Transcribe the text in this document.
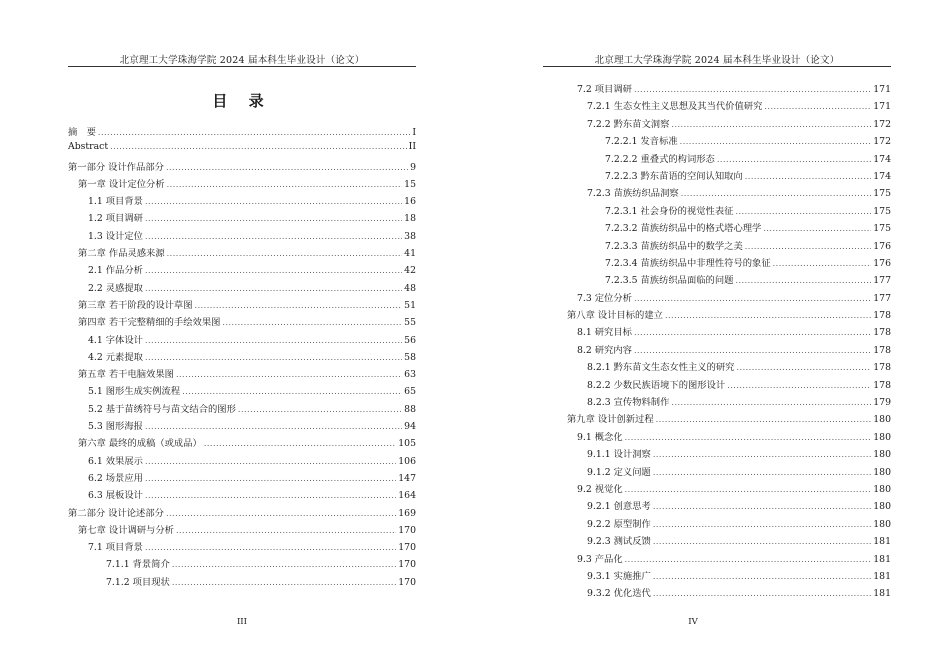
北京理工大学珠海学院 2024 届本科生毕业设计（论文）
目 录
摘　要 .....	I
Abstract .....	II
第一部分 设计作品部分 .....	9
第一章 设计定位分析 .....	15
1.1 项目背景 .....	16
1.2 项目调研 .....	18
1.3 设计定位 .....	38
第二章 作品灵感来源 .....	41
2.1 作品分析 .....	42
2.2 灵感提取 .....	48
第三章 若干阶段的设计草图 .....	51
第四章 若干完整精细的手绘效果图 .....	55
4.1 字体设计 .....	56
4.2 元素提取 .....	58
第五章 若干电脑效果图 .....	63
5.1 图形生成实例流程 .....	65
5.2 基于苗绣符号与苗文结合的图形 .....	88
5.3 图形海报 .....	94
第六章 最终的成稿（或成品） .....	105
6.1 效果展示 .....	106
6.2 场景应用 .....	147
6.3 展板设计 .....	164
第二部分 设计论述部分 .....	169
第七章 设计调研与分析 .....	170
7.1 项目背景 .....	170
7.1.1 背景简介 .....	170
7.1.2 项目现状 .....	170
III
北京理工大学珠海学院 2024 届本科生毕业设计（论文）
7.2 项目调研 .....	171
7.2.1 生态女性主义思想及其当代价值研究 .....	171
7.2.2 黔东苗文洞察 .....	172
7.2.2.1 发音标准 .....	172
7.2.2.2 重叠式的构词形态 .....	174
7.2.2.3 黔东苗语的空间认知取向 .....	174
7.2.3 苗族纺织品洞察 .....	175
7.2.3.1 社会身份的视觉性表征 .....	175
7.2.3.2 苗族纺织品中的格式塔心理学 .....	175
7.2.3.3 苗族纺织品中的数学之美 .....	176
7.2.3.4 苗族纺织品中非理性符号的象征 .....	176
7.2.3.5 苗族纺织品面临的问题 .....	177
7.3 定位分析 .....	177
第八章 设计目标的建立 .....	178
8.1 研究目标 .....	178
8.2 研究内容 .....	178
8.2.1 黔东苗文生态女性主义的研究 .....	178
8.2.2 少数民族语境下的图形设计 .....	178
8.2.3 宣传物料制作 .....	179
第九章 设计创新过程 .....	180
9.1 概念化 .....	180
9.1.1 设计洞察 .....	180
9.1.2 定义问题 .....	180
9.2 视觉化 .....	180
9.2.1 创意思考 .....	180
9.2.2 原型制作 .....	180
9.2.3 测试反馈 .....	181
9.3 产品化 .....	181
9.3.1 实施推广 .....	181
9.3.2 优化迭代 .....	181
IV
